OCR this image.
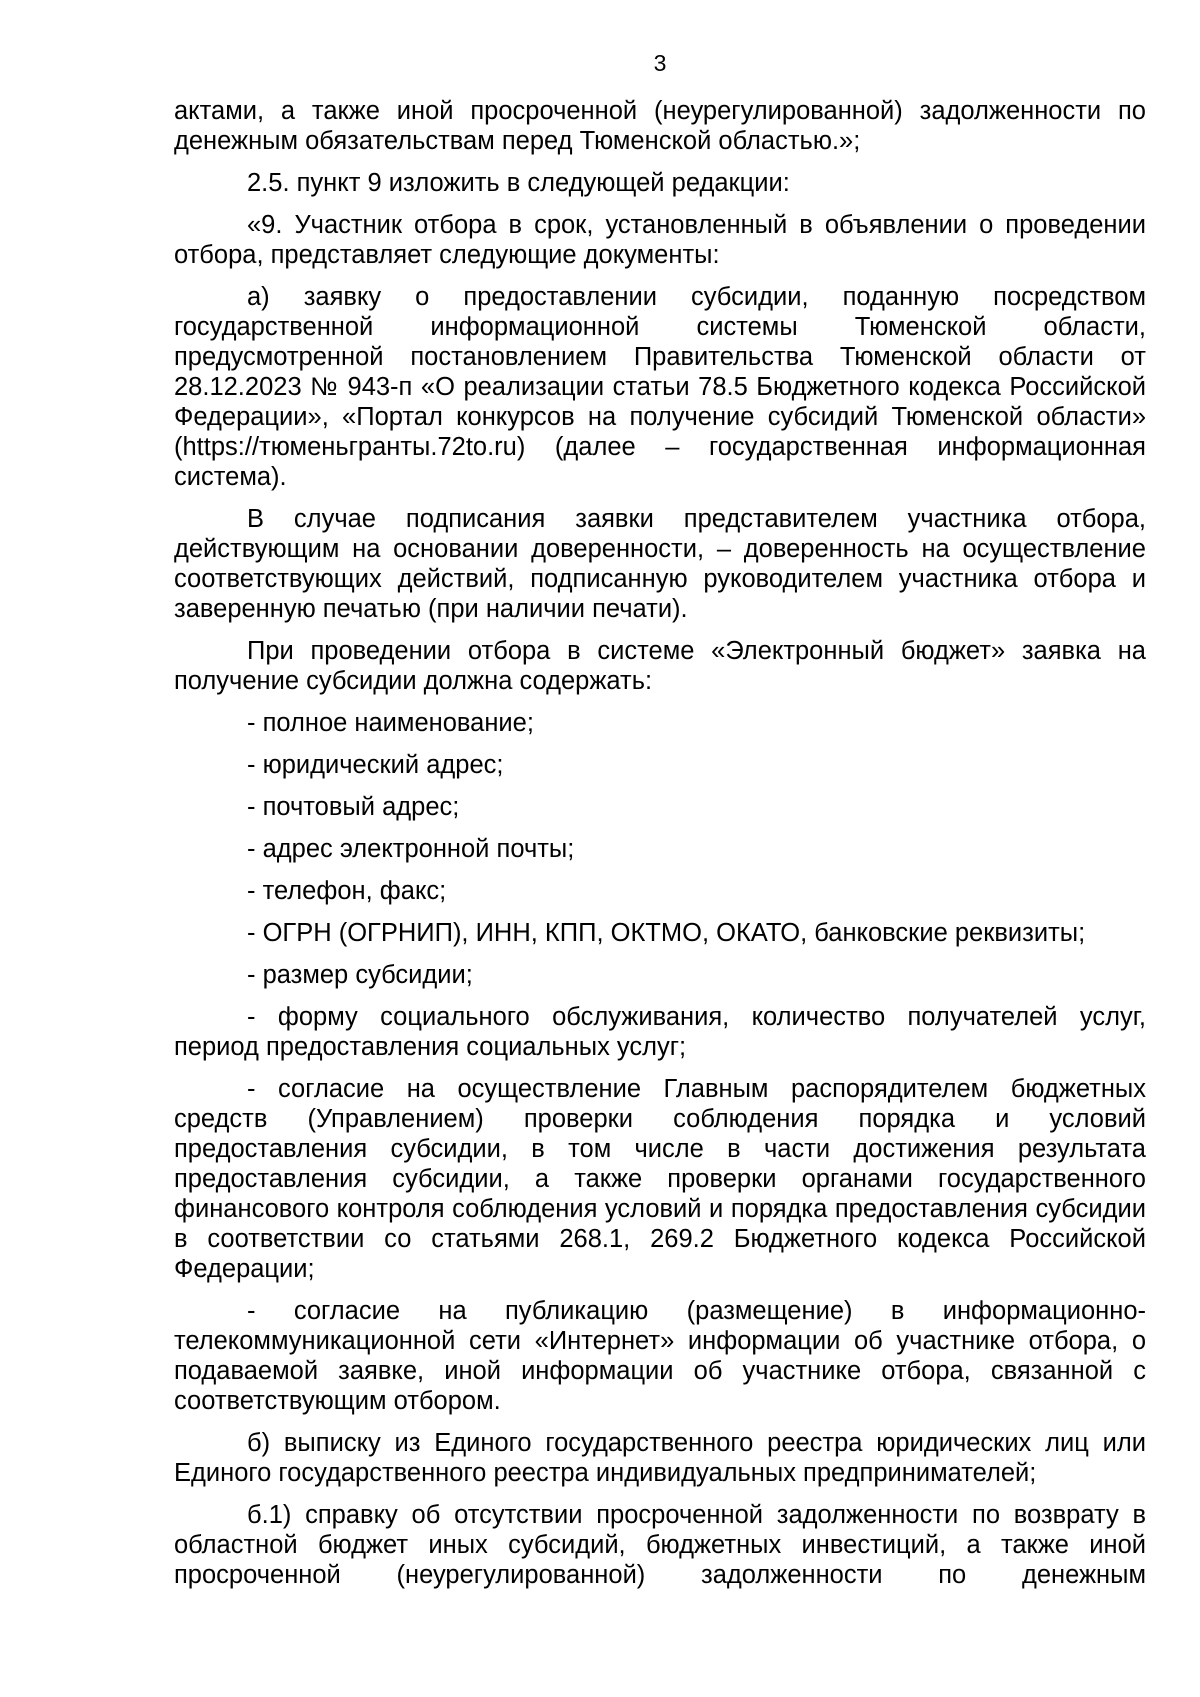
3

актами, а также иной просроченной (неурегулированной) задолженности по денежным обязательствам перед Тюменской областью.»;

2.5. пункт 9 изложить в следующей редакции:

«9. Участник отбора в срок, установленный в объявлении о проведении отбора, представляет следующие документы:

а) заявку о предоставлении субсидии, поданную посредством государственной информационной системы Тюменской области, предусмотренной постановлением Правительства Тюменской области от 28.12.2023 № 943-п «О реализации статьи 78.5 Бюджетного кодекса Российской Федерации», «Портал конкурсов на получение субсидий Тюменской области» (https://тюменьгранты.72to.ru) (далее – государственная информационная система).

В случае подписания заявки представителем участника отбора, действующим на основании доверенности, – доверенность на осуществление соответствующих действий, подписанную руководителем участника отбора и заверенную печатью (при наличии печати).

При проведении отбора в системе «Электронный бюджет» заявка на получение субсидии должна содержать:

- полное наименование;

- юридический адрес;

- почтовый адрес;

- адрес электронной почты;

- телефон, факс;

- ОГРН (ОГРНИП), ИНН, КПП, ОКТМО, ОКАТО, банковские реквизиты;

- размер субсидии;

- форму социального обслуживания, количество получателей услуг, период предоставления социальных услуг;

- согласие на осуществление Главным распорядителем бюджетных средств (Управлением) проверки соблюдения порядка и условий предоставления субсидии, в том числе в части достижения результата предоставления субсидии, а также проверки органами государственного финансового контроля соблюдения условий и порядка предоставления субсидии в соответствии со статьями 268.1, 269.2 Бюджетного кодекса Российской Федерации;

- согласие на публикацию (размещение) в информационно-телекоммуникационной сети «Интернет» информации об участнике отбора, о подаваемой заявке, иной информации об участнике отбора, связанной с соответствующим отбором.

б) выписку из Единого государственного реестра юридических лиц или Единого государственного реестра индивидуальных предпринимателей;

б.1) справку об отсутствии просроченной задолженности по возврату в областной бюджет иных субсидий, бюджетных инвестиций, а также иной просроченной (неурегулированной) задолженности по денежным
